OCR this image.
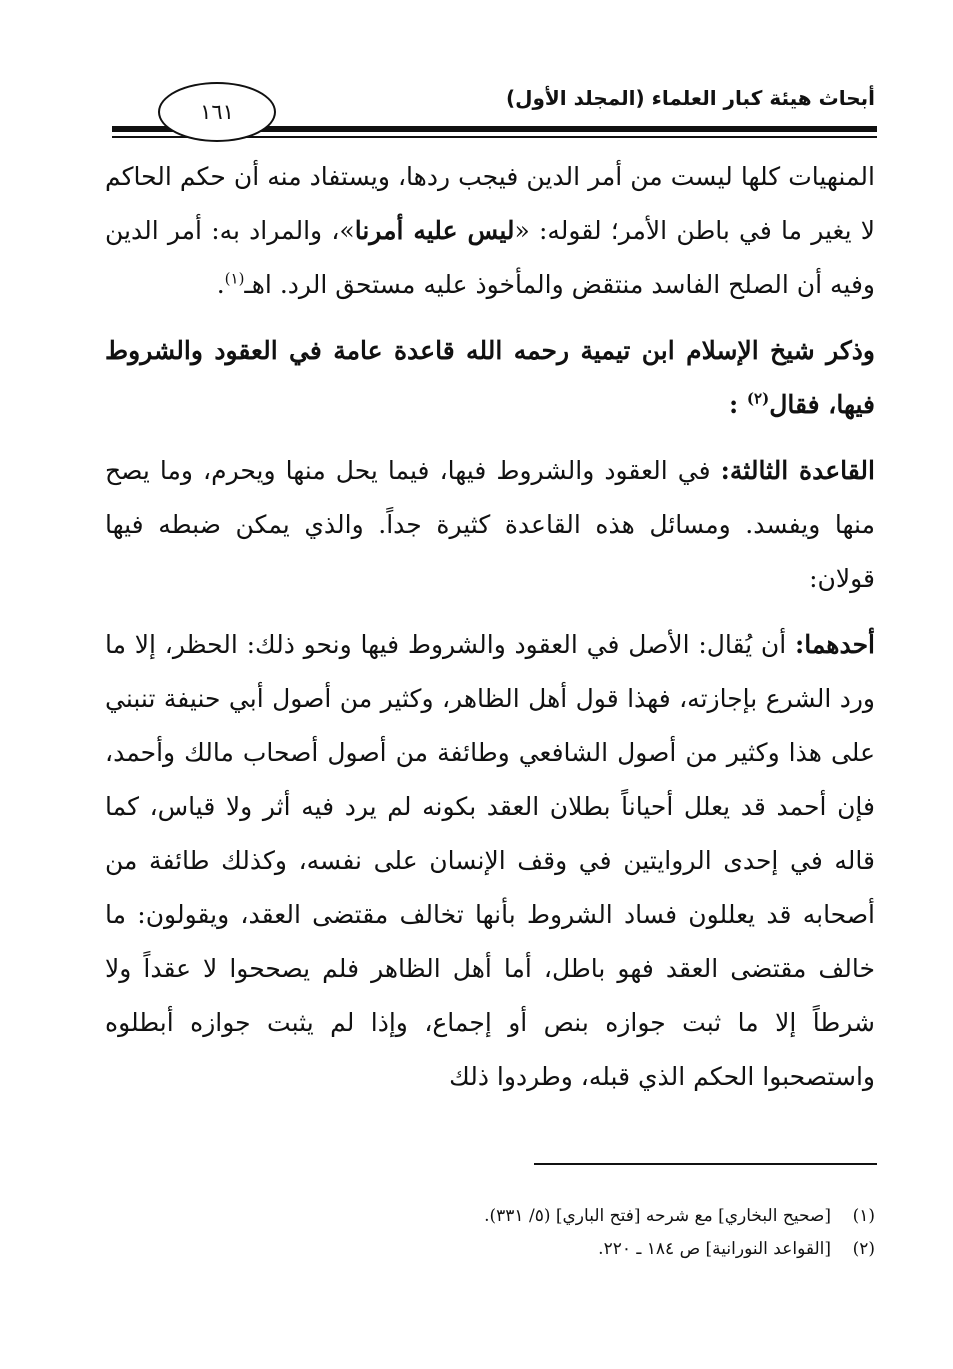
أبحاث هيئة كبار العلماء (المجلد الأول)
١٦١

المنهيات كلها ليست من أمر الدين فيجب ردها، ويستفاد منه أن حكم الحاكم لا يغير ما في باطن الأمر؛ لقوله: «ليس عليه أمرنا»، والمراد به: أمر الدين وفيه أن الصلح الفاسد منتقض والمأخوذ عليه مستحق الرد. اهـ$^{(١)}$.

وذكر شيخ الإسلام ابن تيمية رحمه الله قاعدة عامة في العقود والشروط فيها، فقال$^{(٢)}$ :

القاعدة الثالثة: في العقود والشروط فيها، فيما يحل منها ويحرم، وما يصح منها ويفسد. ومسائل هذه القاعدة كثيرة جداً. والذي يمكن ضبطه فيها قولان:

أحدهما: أن يُقال: الأصل في العقود والشروط فيها ونحو ذلك: الحظر، إلا ما ورد الشرع بإجازته، فهذا قول أهل الظاهر، وكثير من أصول أبي حنيفة تنبني على هذا وكثير من أصول الشافعي وطائفة من أصول أصحاب مالك وأحمد، فإن أحمد قد يعلل أحياناً بطلان العقد بكونه لم يرد فيه أثر ولا قياس، كما قاله في إحدى الروايتين في وقف الإنسان على نفسه، وكذلك طائفة من أصحابه قد يعللون فساد الشروط بأنها تخالف مقتضى العقد، ويقولون: ما خالف مقتضى العقد فهو باطل، أما أهل الظاهر فلم يصححوا لا عقداً ولا شرطاً إلا ما ثبت جوازه بنص أو إجماع، وإذا لم يثبت جوازه أبطلوه واستصحبوا الحكم الذي قبله، وطردوا ذلك

(١)
[صحيح البخاري] مع شرحه [فتح الباري] (٥/ ٣٣١).
(٢)
[القواعد النورانية] ص ١٨٤ ـ ٢٢٠.
